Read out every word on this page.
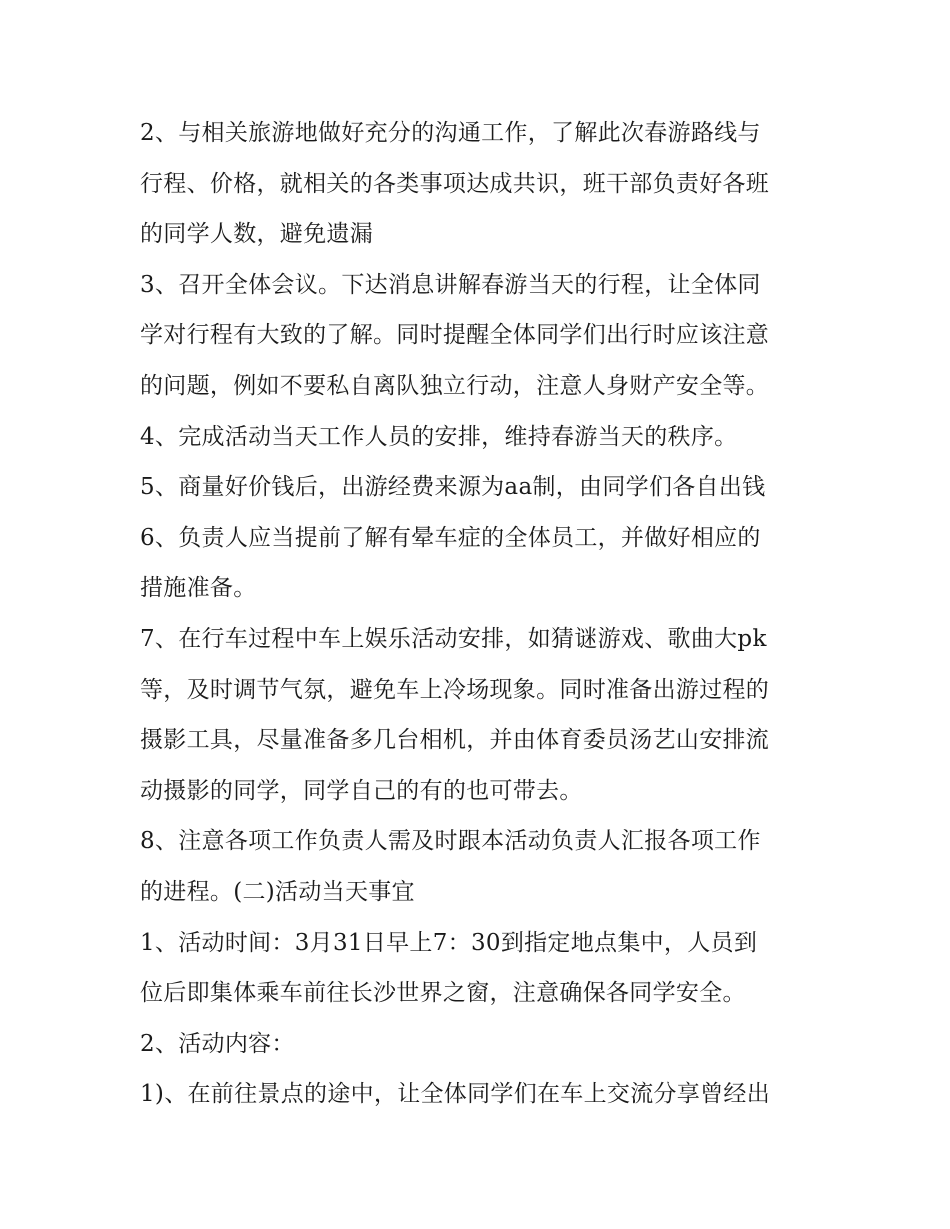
2、与相关旅游地做好充分的沟通工作，了解此次春游路线与
行程、价格，就相关的各类事项达成共识，班干部负责好各班
的同学人数，避免遗漏
3、召开全体会议。下达消息讲解春游当天的行程，让全体同
学对行程有大致的了解。同时提醒全体同学们出行时应该注意
的问题，例如不要私自离队独立行动，注意人身财产安全等。
4、完成活动当天工作人员的安排，维持春游当天的秩序。
5、商量好价钱后，出游经费来源为aa制，由同学们各自出钱
6、负责人应当提前了解有晕车症的全体员工，并做好相应的
措施准备。
7、在行车过程中车上娱乐活动安排，如猜谜游戏、歌曲大pk
等，及时调节气氛，避免车上冷场现象。同时准备出游过程的
摄影工具，尽量准备多几台相机，并由体育委员汤艺山安排流
动摄影的同学，同学自己的有的也可带去。
8、注意各项工作负责人需及时跟本活动负责人汇报各项工作
的进程。(二)活动当天事宜
1、活动时间：3月31日早上7：30到指定地点集中，人员到
位后即集体乘车前往长沙世界之窗，注意确保各同学安全。
2、活动内容：
1)、在前往景点的途中，让全体同学们在车上交流分享曾经出
